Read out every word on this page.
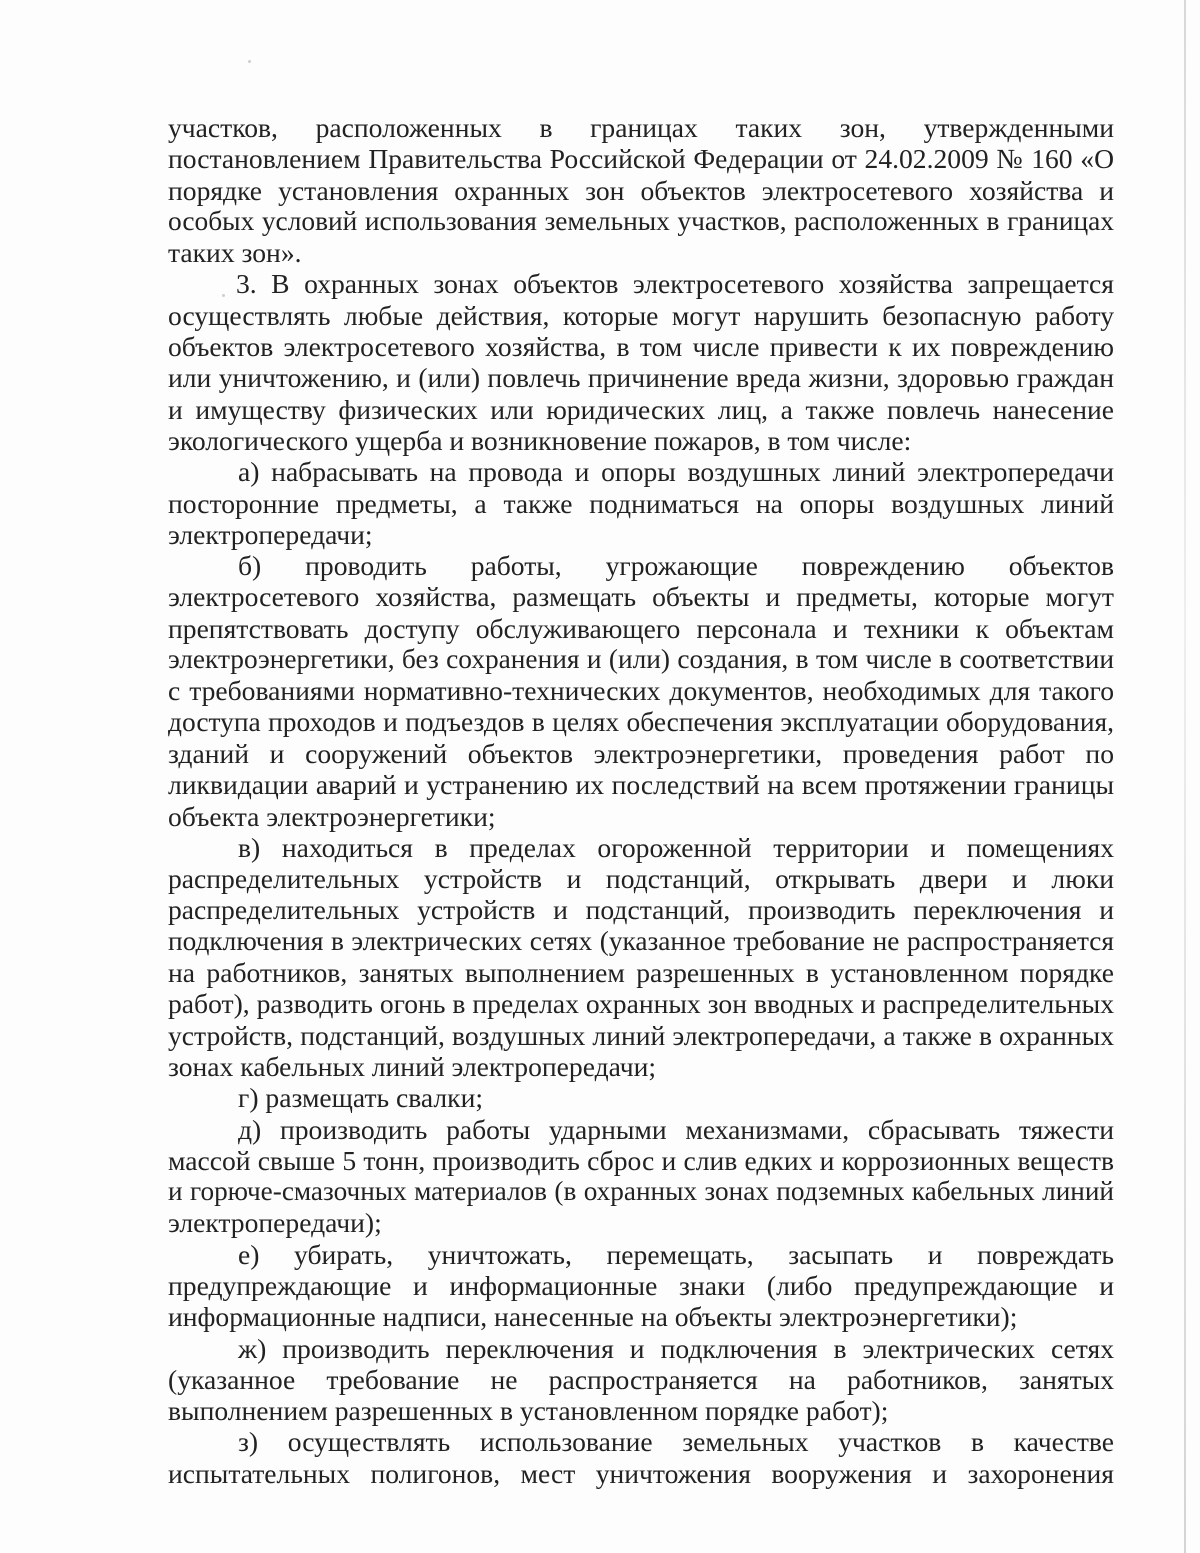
участков, расположенных в границах таких зон, утвержденными
постановлением Правительства Российской Федерации от 24.02.2009 № 160 «О
порядке установления охранных зон объектов электросетевого хозяйства и
особых условий использования земельных участков, расположенных в границах
таких зон».
3. В охранных зонах объектов электросетевого хозяйства запрещается
осуществлять любые действия, которые могут нарушить безопасную работу
объектов электросетевого хозяйства, в том числе привести к их повреждению
или уничтожению, и (или) повлечь причинение вреда жизни, здоровью граждан
и имуществу физических или юридических лиц, а также повлечь нанесение
экологического ущерба и возникновение пожаров, в том числе:
а) набрасывать на провода и опоры воздушных линий электропередачи
посторонние предметы, а также подниматься на опоры воздушных линий
электропередачи;
б) проводить работы, угрожающие повреждению объектов
электросетевого хозяйства, размещать объекты и предметы, которые могут
препятствовать доступу обслуживающего персонала и техники к объектам
электроэнергетики, без сохранения и (или) создания, в том числе в соответствии
с требованиями нормативно-технических документов, необходимых для такого
доступа проходов и подъездов в целях обеспечения эксплуатации оборудования,
зданий и сооружений объектов электроэнергетики, проведения работ по
ликвидации аварий и устранению их последствий на всем протяжении границы
объекта электроэнергетики;
в) находиться в пределах огороженной территории и помещениях
распределительных устройств и подстанций, открывать двери и люки
распределительных устройств и подстанций, производить переключения и
подключения в электрических сетях (указанное требование не распространяется
на работников, занятых выполнением разрешенных в установленном порядке
работ), разводить огонь в пределах охранных зон вводных и распределительных
устройств, подстанций, воздушных линий электропередачи, а также в охранных
зонах кабельных линий электропередачи;
г) размещать свалки;
д) производить работы ударными механизмами, сбрасывать тяжести
массой свыше 5 тонн, производить сброс и слив едких и коррозионных веществ
и горюче-смазочных материалов (в охранных зонах подземных кабельных линий
электропередачи);
е) убирать, уничтожать, перемещать, засыпать и повреждать
предупреждающие и информационные знаки (либо предупреждающие и
информационные надписи, нанесенные на объекты электроэнергетики);
ж) производить переключения и подключения в электрических сетях
(указанное требование не распространяется на работников, занятых
выполнением разрешенных в установленном порядке работ);
з) осуществлять использование земельных участков в качестве
испытательных полигонов, мест уничтожения вооружения и захоронения
